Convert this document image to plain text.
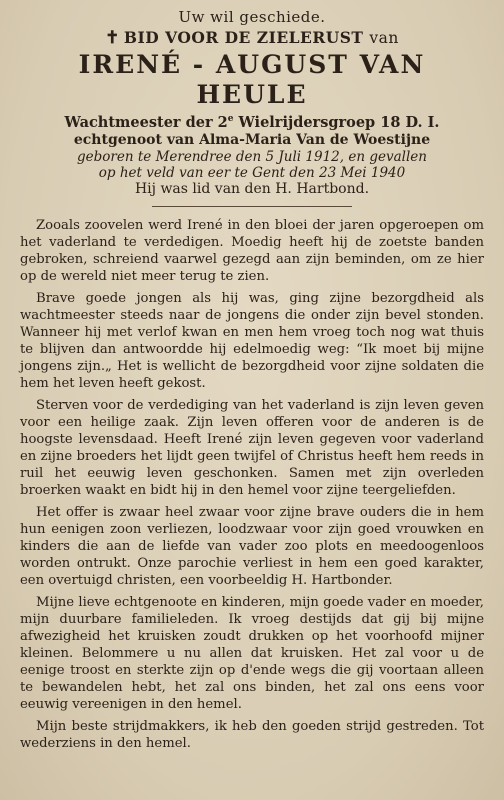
Uw wil geschiede.
✝ BID VOOR DE ZIELERUST van
IRENÉ - AUGUST VAN HEULE
Wachtmeester der 2e Wielrijdersgroep 18 D. I.
echtgenoot van Alma-Maria Van de Woestijne
geboren te Merendree den 5 Juli 1912, en gevallen
op het veld van eer te Gent den 23 Mei 1940
Hij was lid van den H. Hartbond.

Zooals zoovelen werd Irené in den bloei der jaren opgeroepen om het vaderland te verdedigen. Moedig heeft hij de zoetste banden gebroken, schreiend vaarwel gezegd aan zijn beminden, om ze hier op de wereld niet meer terug te zien.

Brave goede jongen als hij was, ging zijne bezorgdheid als wachtmeester steeds naar de jongens die onder zijn bevel stonden. Wanneer hij met verlof kwan en men hem vroeg toch nog wat thuis te blijven dan antwoordde hij edelmoedig weg: “Ik moet bij mijne jongens zijn.„ Het is wellicht de bezorgdheid voor zijne soldaten die hem het leven heeft gekost.

Sterven voor de verdediging van het vaderland is zijn leven geven voor een heilige zaak. Zijn leven offeren voor de anderen is de hoogste levensdaad. Heeft Irené zijn leven gegeven voor vaderland en zijne broeders het lijdt geen twijfel of Christus heeft hem reeds in ruil het eeuwig leven geschonken. Samen met zijn overleden broerken waakt en bidt hij in den hemel voor zijne teergeliefden.

Het offer is zwaar heel zwaar voor zijne brave ouders die in hem hun eenigen zoon verliezen, loodzwaar voor zijn goed vrouwken en kinders die aan de liefde van vader zoo plots en meedoogenloos worden ontrukt. Onze parochie verliest in hem een goed karakter, een overtuigd christen, een voorbeeldig H. Hartbonder.

Mijne lieve echtgenoote en kinderen, mijn goede vader en moeder, mijn duurbare familieleden. Ik vroeg destijds dat gij bij mijne afwezigheid het kruisken zoudt drukken op het voorhoofd mijner kleinen. Belommere u nu allen dat kruisken. Het zal voor u de eenige troost en sterkte zijn op d'ende wegs die gij voortaan alleen te bewandelen hebt, het zal ons binden, het zal ons eens voor eeuwig vereenigen in den hemel.

Mijn beste strijdmakkers, ik heb den goeden strijd gestreden. Tot wederziens in den hemel.
